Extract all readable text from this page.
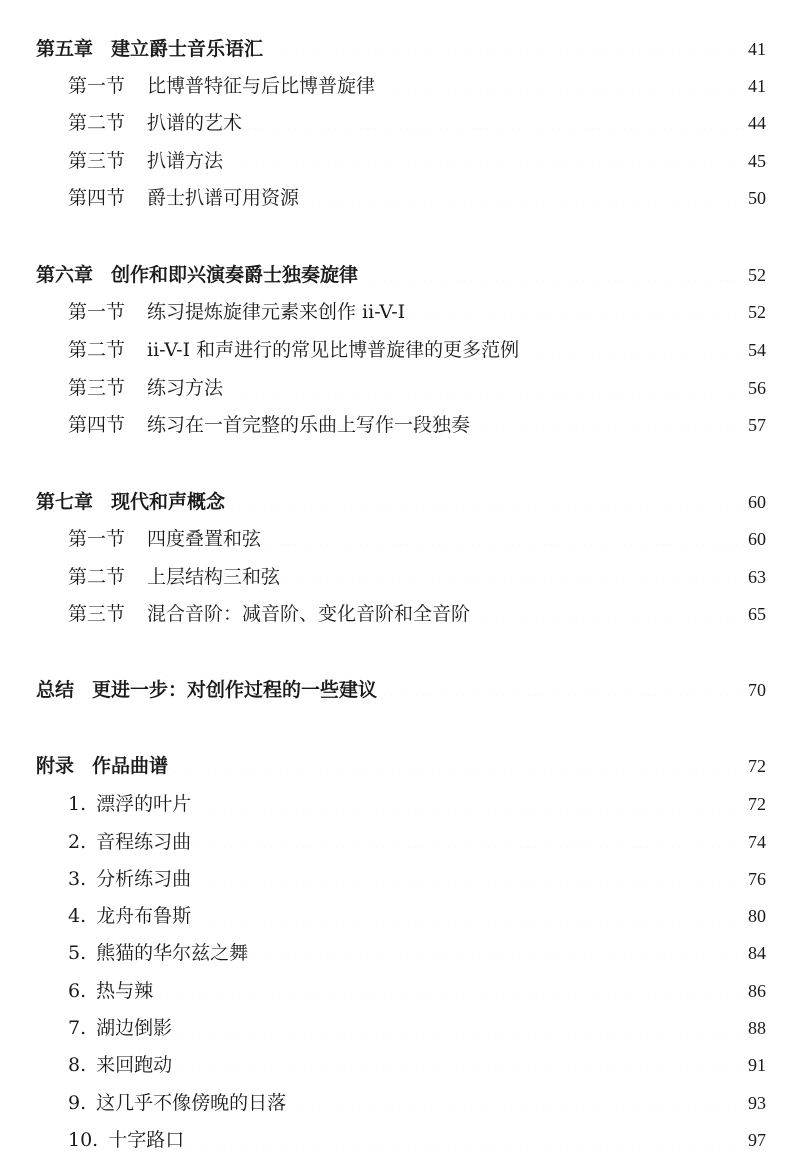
第五章 建立爵士音乐语汇	41
第一节 比博普特征与后比博普旋律	41
第二节 扒谱的艺术	44
第三节 扒谱方法	45
第四节 爵士扒谱可用资源	50
第六章 创作和即兴演奏爵士独奏旋律	52
第一节 练习提炼旋律元素来创作 ii-V-I	52
第二节 ii-V-I 和声进行的常见比博普旋律的更多范例	54
第三节 练习方法	56
第四节 练习在一首完整的乐曲上写作一段独奏	57
第七章 现代和声概念	60
第一节 四度叠置和弦	60
第二节 上层结构三和弦	63
第三节 混合音阶：减音阶、变化音阶和全音阶	65
总结 更进一步：对创作过程的一些建议	70
附录 作品曲谱	72
1. 漂浮的叶片	72
2. 音程练习曲	74
3. 分析练习曲	76
4. 龙舟布鲁斯	80
5. 熊猫的华尔兹之舞	84
6. 热与辣	86
7. 湖边倒影	88
8. 来回跑动	91
9. 这几乎不像傍晚的日落	93
10. 十字路口	97
